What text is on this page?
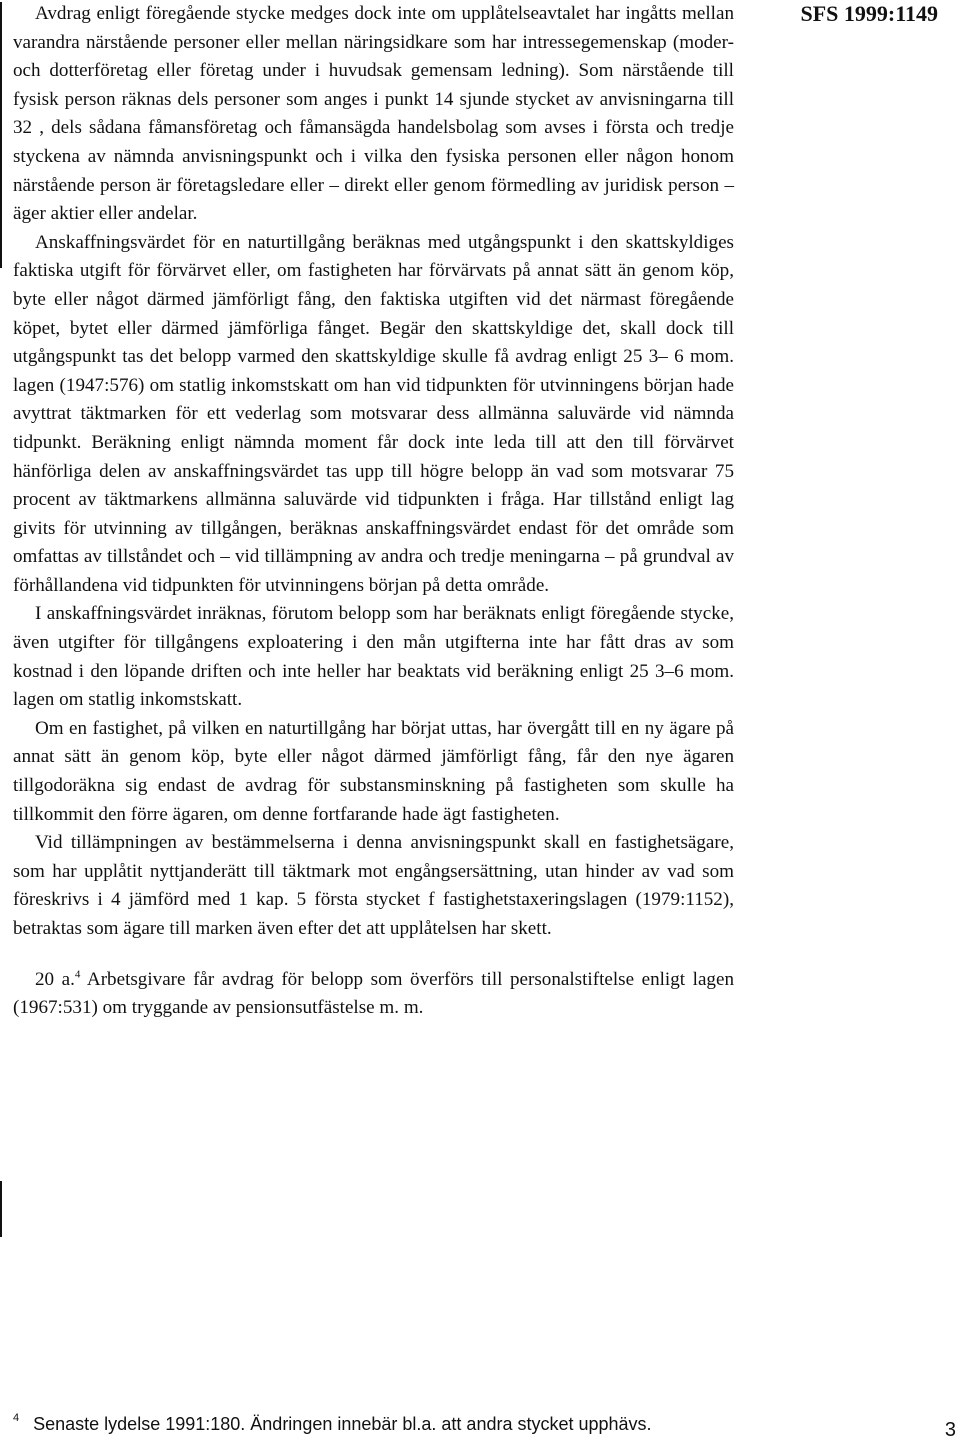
SFS 1999:1149

Avdrag enligt föregående stycke medges dock inte om upplåtelseavtalet har ingåtts mellan varandra närstående personer eller mellan näringsidkare som har intressegemenskap (moder- och dotterföretag eller företag under i huvudsak gemensam ledning). Som närstående till fysisk person räknas dels personer som anges i punkt 14 sjunde stycket av anvisningarna till 32 , dels sådana fåmansföretag och fåmansägda handelsbolag som avses i första och tredje styckena av nämnda anvisningspunkt och i vilka den fysiska personen eller någon honom närstående person är företagsledare eller – direkt eller genom förmedling av juridisk person – äger aktier eller andelar.

Anskaffningsvärdet för en naturtillgång beräknas med utgångspunkt i den skattskyldiges faktiska utgift för förvärvet eller, om fastigheten har förvärvats på annat sätt än genom köp, byte eller något därmed jämförligt fång, den faktiska utgiften vid det närmast föregående köpet, bytet eller därmed jämförliga fånget. Begär den skattskyldige det, skall dock till utgångspunkt tas det belopp varmed den skattskyldige skulle få avdrag enligt 25 3– 6 mom. lagen (1947:576) om statlig inkomstskatt om han vid tidpunkten för utvinningens början hade avyttrat täktmarken för ett vederlag som motsvarar dess allmänna saluvärde vid nämnda tidpunkt. Beräkning enligt nämnda moment får dock inte leda till att den till förvärvet hänförliga delen av anskaffningsvärdet tas upp till högre belopp än vad som motsvarar 75 procent av täktmarkens allmänna saluvärde vid tidpunkten i fråga. Har tillstånd enligt lag givits för utvinning av tillgången, beräknas anskaffningsvärdet endast för det område som omfattas av tillståndet och – vid tillämpning av andra och tredje meningarna – på grundval av förhållandena vid tidpunkten för utvinningens början på detta område.

I anskaffningsvärdet inräknas, förutom belopp som har beräknats enligt föregående stycke, även utgifter för tillgångens exploatering i den mån utgifterna inte har fått dras av som kostnad i den löpande driften och inte heller har beaktats vid beräkning enligt 25 3–6 mom. lagen om statlig inkomstskatt.

Om en fastighet, på vilken en naturtillgång har börjat uttas, har övergått till en ny ägare på annat sätt än genom köp, byte eller något därmed jämförligt fång, får den nye ägaren tillgodoräkna sig endast de avdrag för substansminskning på fastigheten som skulle ha tillkommit den förre ägaren, om denne fortfarande hade ägt fastigheten.

Vid tillämpningen av bestämmelserna i denna anvisningspunkt skall en fastighetsägare, som har upplåtit nyttjanderätt till täktmark mot engångsersättning, utan hinder av vad som föreskrivs i 4 jämförd med 1 kap. 5 första stycket f fastighetstaxeringslagen (1979:1152), betraktas som ägare till marken även efter det att upplåtelsen har skett.

20 a.$^4$ Arbetsgivare får avdrag för belopp som överförs till personalstiftelse enligt lagen (1967:531) om tryggande av pensionsutfästelse m. m.

$^4$ Senaste lydelse 1991:180. Ändringen innebär bl.a. att andra stycket upphävs.	3
